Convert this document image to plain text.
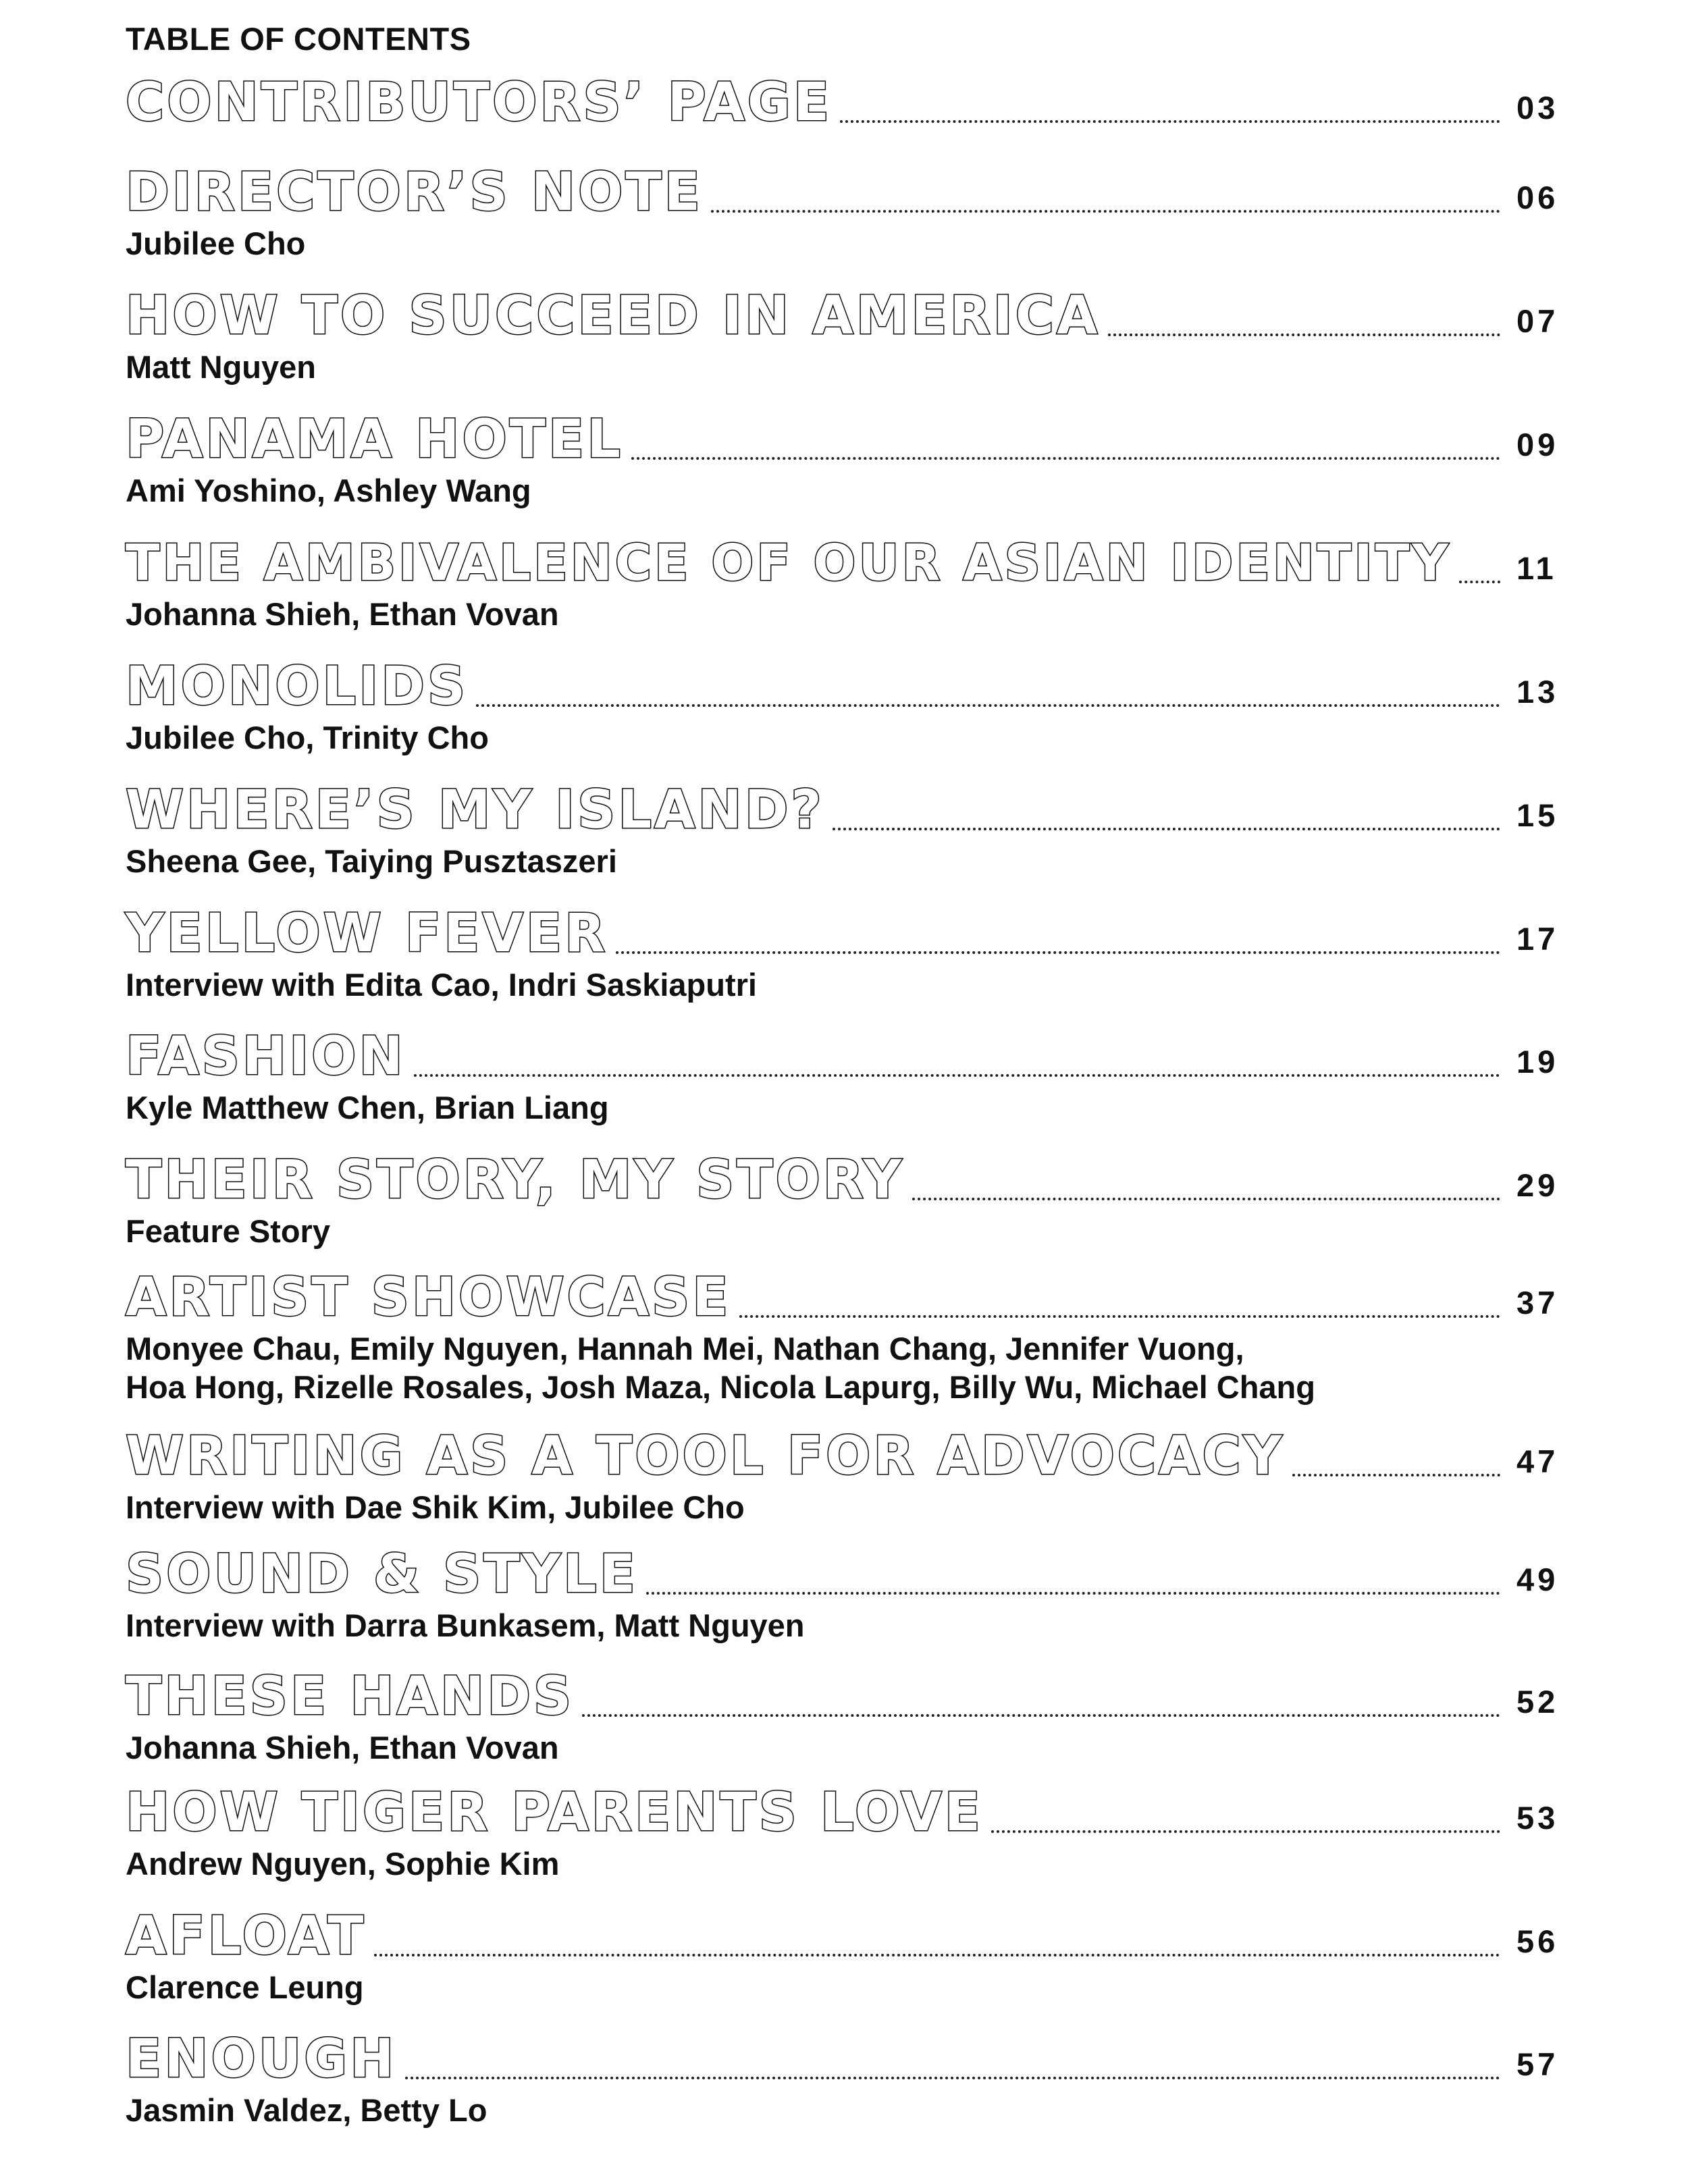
TABLE OF CONTENTS
CONTRIBUTORS’ PAGE	03
DIRECTOR’S NOTE	06
Jubilee Cho
HOW TO SUCCEED IN AMERICA	07
Matt Nguyen
PANAMA HOTEL	09
Ami Yoshino, Ashley Wang
THE AMBIVALENCE OF OUR ASIAN IDENTITY 11
Johanna Shieh, Ethan Vovan
MONOLIDS	13
Jubilee Cho, Trinity Cho
WHERE’S MY ISLAND?	15
Sheena Gee, Taiying Pusztaszeri
YELLOW FEVER	17
Interview with Edita Cao, Indri Saskiaputri
FASHION	19
Kyle Matthew Chen, Brian Liang
THEIR STORY, MY STORY	29
Feature Story
ARTIST SHOWCASE	37
Monyee Chau, Emily Nguyen, Hannah Mei, Nathan Chang, Jennifer Vuong,
Hoa Hong, Rizelle Rosales, Josh Maza, Nicola Lapurg, Billy Wu, Michael Chang
WRITING AS A TOOL FOR ADVOCACY	47
Interview with Dae Shik Kim, Jubilee Cho
SOUND & STYLE	49
Interview with Darra Bunkasem, Matt Nguyen
THESE HANDS	52
Johanna Shieh, Ethan Vovan
HOW TIGER PARENTS LOVE	53
Andrew Nguyen, Sophie Kim
AFLOAT	56
Clarence Leung
ENOUGH	57
Jasmin Valdez, Betty Lo
